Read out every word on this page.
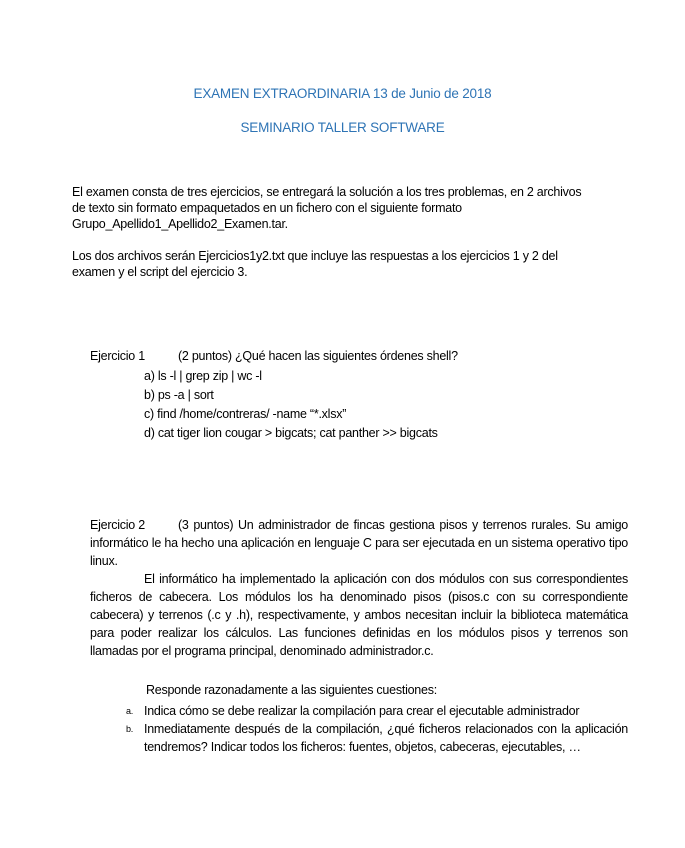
EXAMEN EXTRAORDINARIA 13 de Junio de 2018
SEMINARIO TALLER SOFTWARE
El examen consta de tres ejercicios, se entregará la solución a los tres problemas, en 2 archivos
de texto sin formato empaquetados en un fichero con el siguiente formato
Grupo_Apellido1_Apellido2_Examen.tar.
Los dos archivos serán Ejercicios1y2.txt que incluye las respuestas a los ejercicios 1 y 2 del
examen y el script del ejercicio 3.
Ejercicio 1	(2 puntos) ¿Qué hacen las siguientes órdenes shell?
a) ls -l | grep zip | wc -l
b) ps -a | sort
c) find /home/contreras/ -name “*.xlsx”
d) cat tiger lion cougar > bigcats; cat panther >> bigcats
Ejercicio 2	(3 puntos) Un administrador de fincas gestiona pisos y terrenos rurales. Su amigo informático le ha hecho una aplicación en lenguaje C para ser ejecutada en un sistema operativo tipo linux.
El informático ha implementado la aplicación con dos módulos con sus correspondientes ficheros de cabecera. Los módulos los ha denominado pisos (pisos.c con su correspondiente cabecera) y terrenos (.c y .h), respectivamente, y ambos necesitan incluir la biblioteca matemática para poder realizar los cálculos. Las funciones definidas en los módulos pisos y terrenos son llamadas por el programa principal, denominado administrador.c.
Responde razonadamente a las siguientes cuestiones:
a. Indica cómo se debe realizar la compilación para crear el ejecutable administrador
b. Inmediatamente después de la compilación, ¿qué ficheros relacionados con la aplicación tendremos? Indicar todos los ficheros: fuentes, objetos, cabeceras, ejecutables, …
